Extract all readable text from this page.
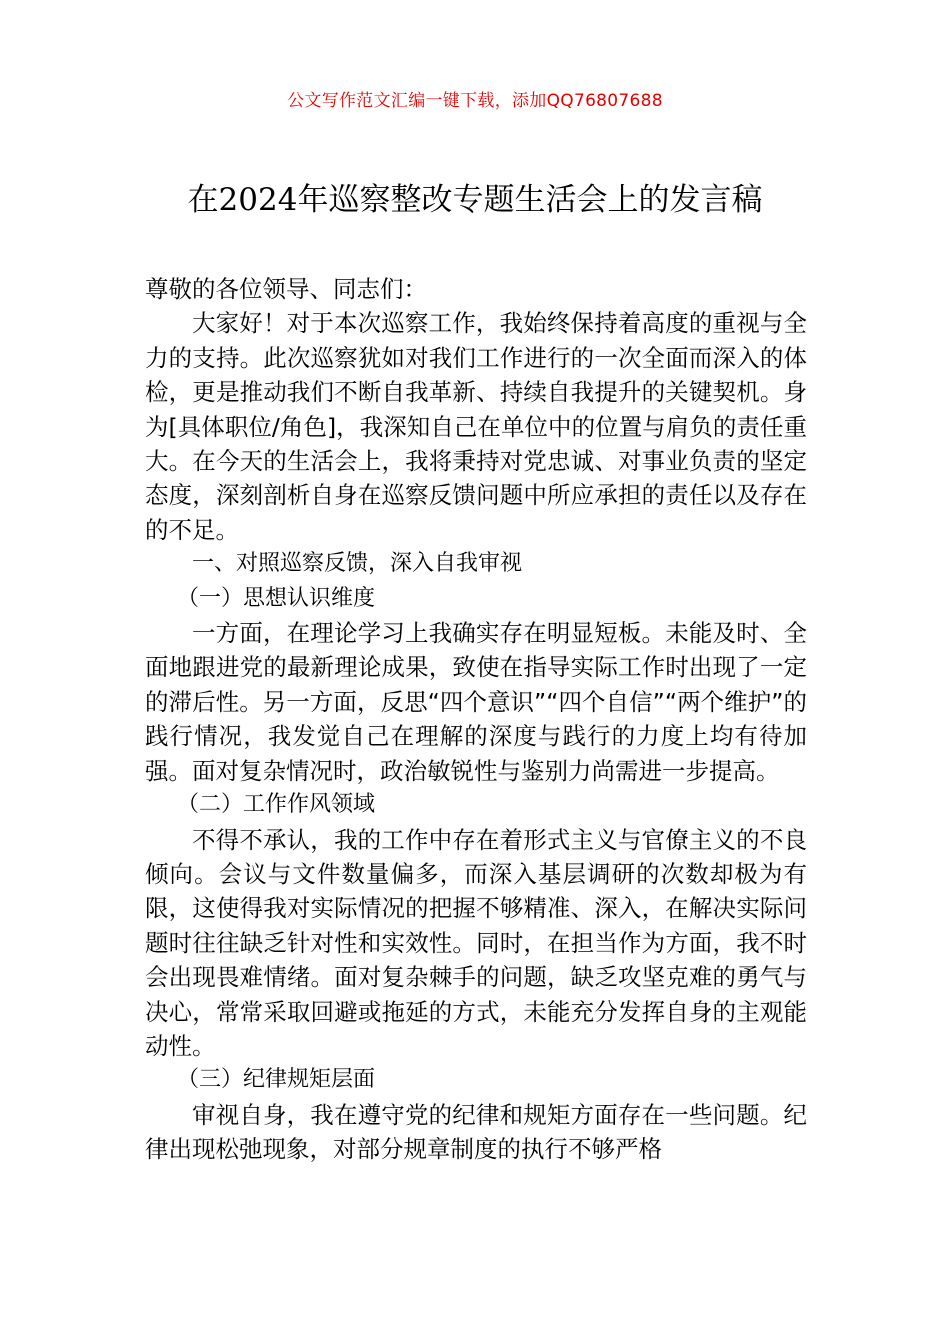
公文写作范文汇编一键下载，添加QQ76807688
在2024年巡察整改专题生活会上的发言稿

尊敬的各位领导、同志们：

大家好！对于本次巡察工作，我始终保持着高度的重视与全力的支持。此次巡察犹如对我们工作进行的一次全面而深入的体检，更是推动我们不断自我革新、持续自我提升的关键契机。身为[具体职位/角色]，我深知自己在单位中的位置与肩负的责任重大。在今天的生活会上，我将秉持对党忠诚、对事业负责的坚定态度，深刻剖析自身在巡察反馈问题中所应承担的责任以及存在的不足。

一、对照巡察反馈，深入自我审视

（一）思想认识维度

一方面，在理论学习上我确实存在明显短板。未能及时、全面地跟进党的最新理论成果，致使在指导实际工作时出现了一定的滞后性。另一方面，反思“四个意识”“四个自信”“两个维护”的践行情况，我发觉自己在理解的深度与践行的力度上均有待加强。面对复杂情况时，政治敏锐性与鉴别力尚需进一步提高。

（二）工作作风领域

不得不承认，我的工作中存在着形式主义与官僚主义的不良倾向。会议与文件数量偏多，而深入基层调研的次数却极为有限，这使得我对实际情况的把握不够精准、深入，在解决实际问题时往往缺乏针对性和实效性。同时，在担当作为方面，我不时会出现畏难情绪。面对复杂棘手的问题，缺乏攻坚克难的勇气与决心，常常采取回避或拖延的方式，未能充分发挥自身的主观能动性。

（三）纪律规矩层面

审视自身，我在遵守党的纪律和规矩方面存在一些问题。纪律出现松弛现象，对部分规章制度的执行不够严格
